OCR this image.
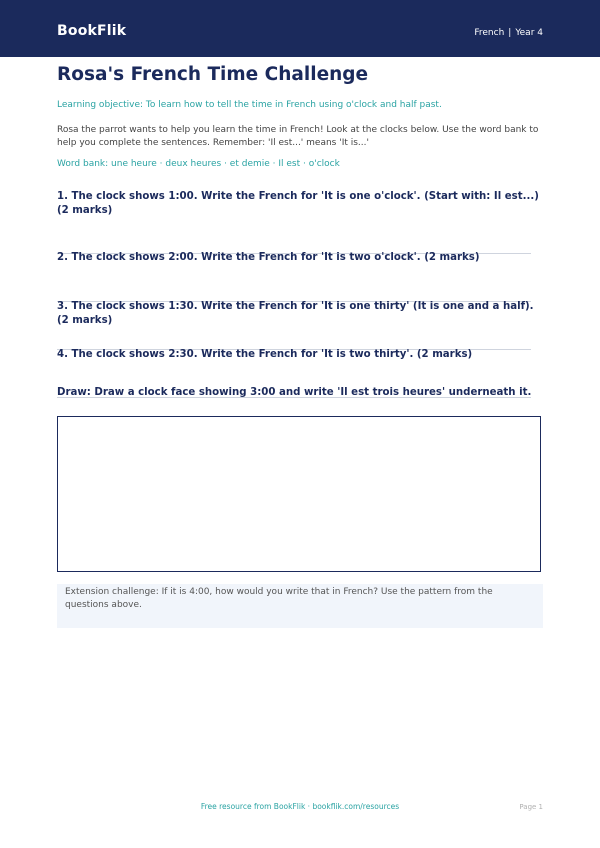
BookFlik	French | Year 4
Rosa's French Time Challenge
Learning objective: To learn how to tell the time in French using o'clock and half past.
Rosa the parrot wants to help you learn the time in French! Look at the clocks below. Use the word bank to help you complete the sentences. Remember: 'Il est...' means 'It is...'
Word bank: une heure · deux heures · et demie · Il est · o'clock
1. The clock shows 1:00. Write the French for 'It is one o'clock'. (Start with: Il est...) (2 marks)
2. The clock shows 2:00. Write the French for 'It is two o'clock'. (2 marks)
3. The clock shows 1:30. Write the French for 'It is one thirty' (It is one and a half). (2 marks)
4. The clock shows 2:30. Write the French for 'It is two thirty'. (2 marks)
Draw: Draw a clock face showing 3:00 and write 'Il est trois heures' underneath it.
Extension challenge: If it is 4:00, how would you write that in French? Use the pattern from the questions above.
Free resource from BookFlik · bookflik.com/resources	Page 1
